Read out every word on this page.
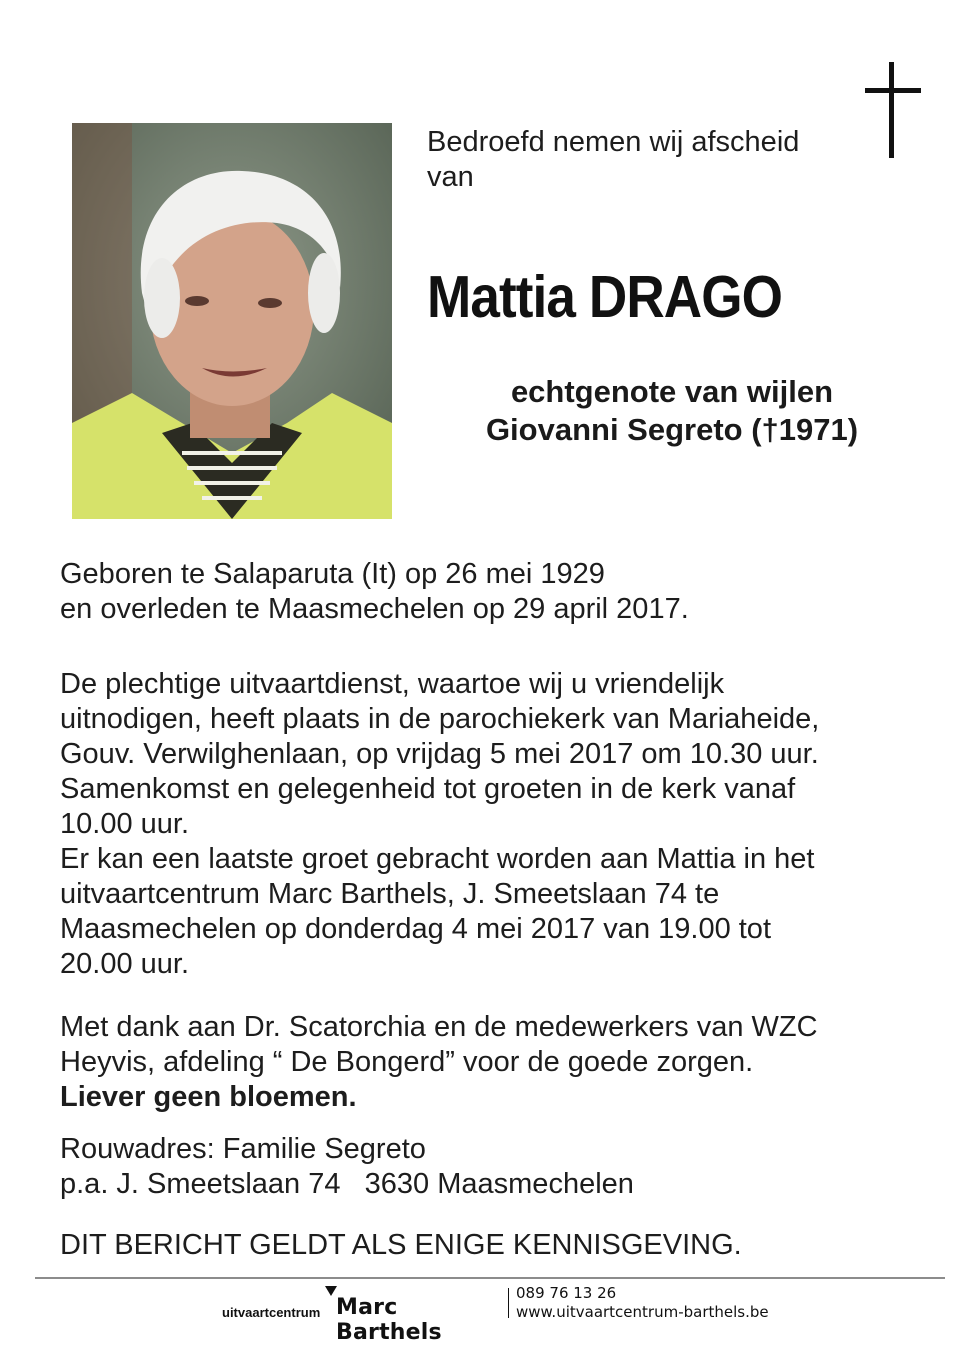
Bedroefd nemen wij afscheid
van
Mattia DRAGO
echtgenote van wijlen
Giovanni Segreto (†1971)
Geboren te Salaparuta (It) op 26 mei 1929
en overleden te Maasmechelen op 29 april 2017.
De plechtige uitvaartdienst, waartoe wij u vriendelijk
uitnodigen, heeft plaats in de parochiekerk van Mariaheide,
Gouv. Verwilghenlaan, op vrijdag 5 mei 2017 om 10.30 uur.
Samenkomst en gelegenheid tot groeten in de kerk vanaf
10.00 uur.
Er kan een laatste groet gebracht worden aan Mattia in het
uitvaartcentrum Marc Barthels, J. Smeetslaan 74 te
Maasmechelen op donderdag 4 mei 2017 van 19.00 tot
20.00 uur.
Met dank aan Dr. Scatorchia en de medewerkers van WZC
Heyvis, afdeling “ De Bongerd” voor de goede zorgen.
Liever geen bloemen.
Rouwadres: Familie Segreto
p.a. J. Smeetslaan 74   3630 Maasmechelen
DIT BERICHT GELDT ALS ENIGE KENNISGEVING.
uitvaartcentrum Marc Barthels
089 76 13 26
www.uitvaartcentrum-barthels.be
